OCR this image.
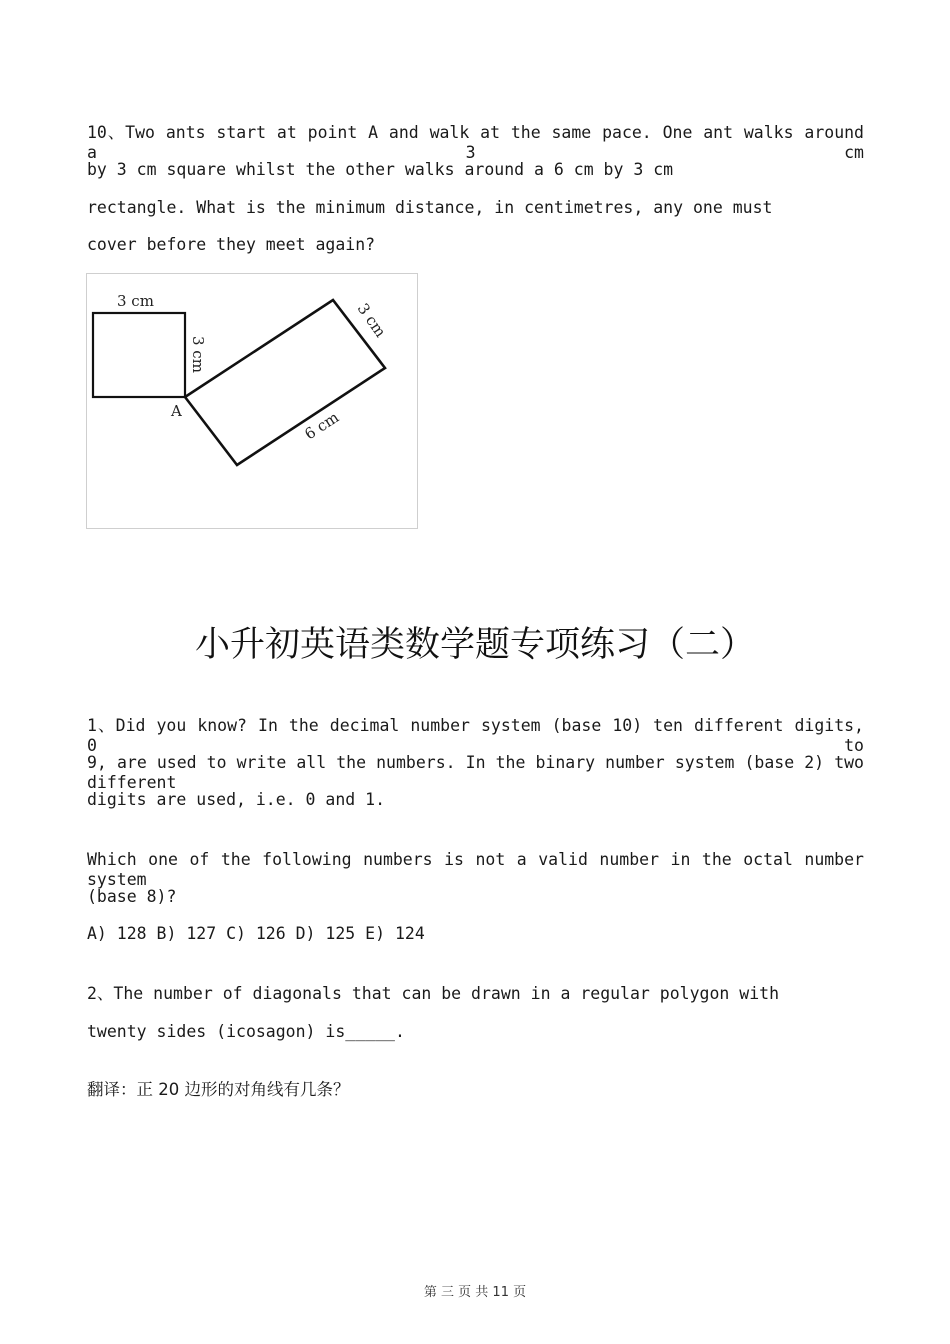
10、Two ants start at point A and walk at the same pace. One ant walks around a 3 cm
by 3 cm square whilst the other walks around a 6 cm by 3 cm
rectangle. What is the minimum distance, in centimetres, any one must
cover before they meet again?
3 cm
3 cm
3 cm
6 cm
A
小升初英语类数学题专项练习（二）
1、Did you know? In the decimal number system (base 10) ten different digits, 0 to
9, are used to write all the numbers. In the binary number system (base 2) two different
digits are used, i.e. 0 and 1.
Which one of the following numbers is not a valid number in the octal number system
(base 8)?
A) 128 B) 127 C) 126 D) 125 E) 124
2、The number of diagonals that can be drawn in a regular polygon with
twenty sides (icosagon) is_____.
翻译：正 20 边形的对角线有几条？
第 三 页 共 11 页
